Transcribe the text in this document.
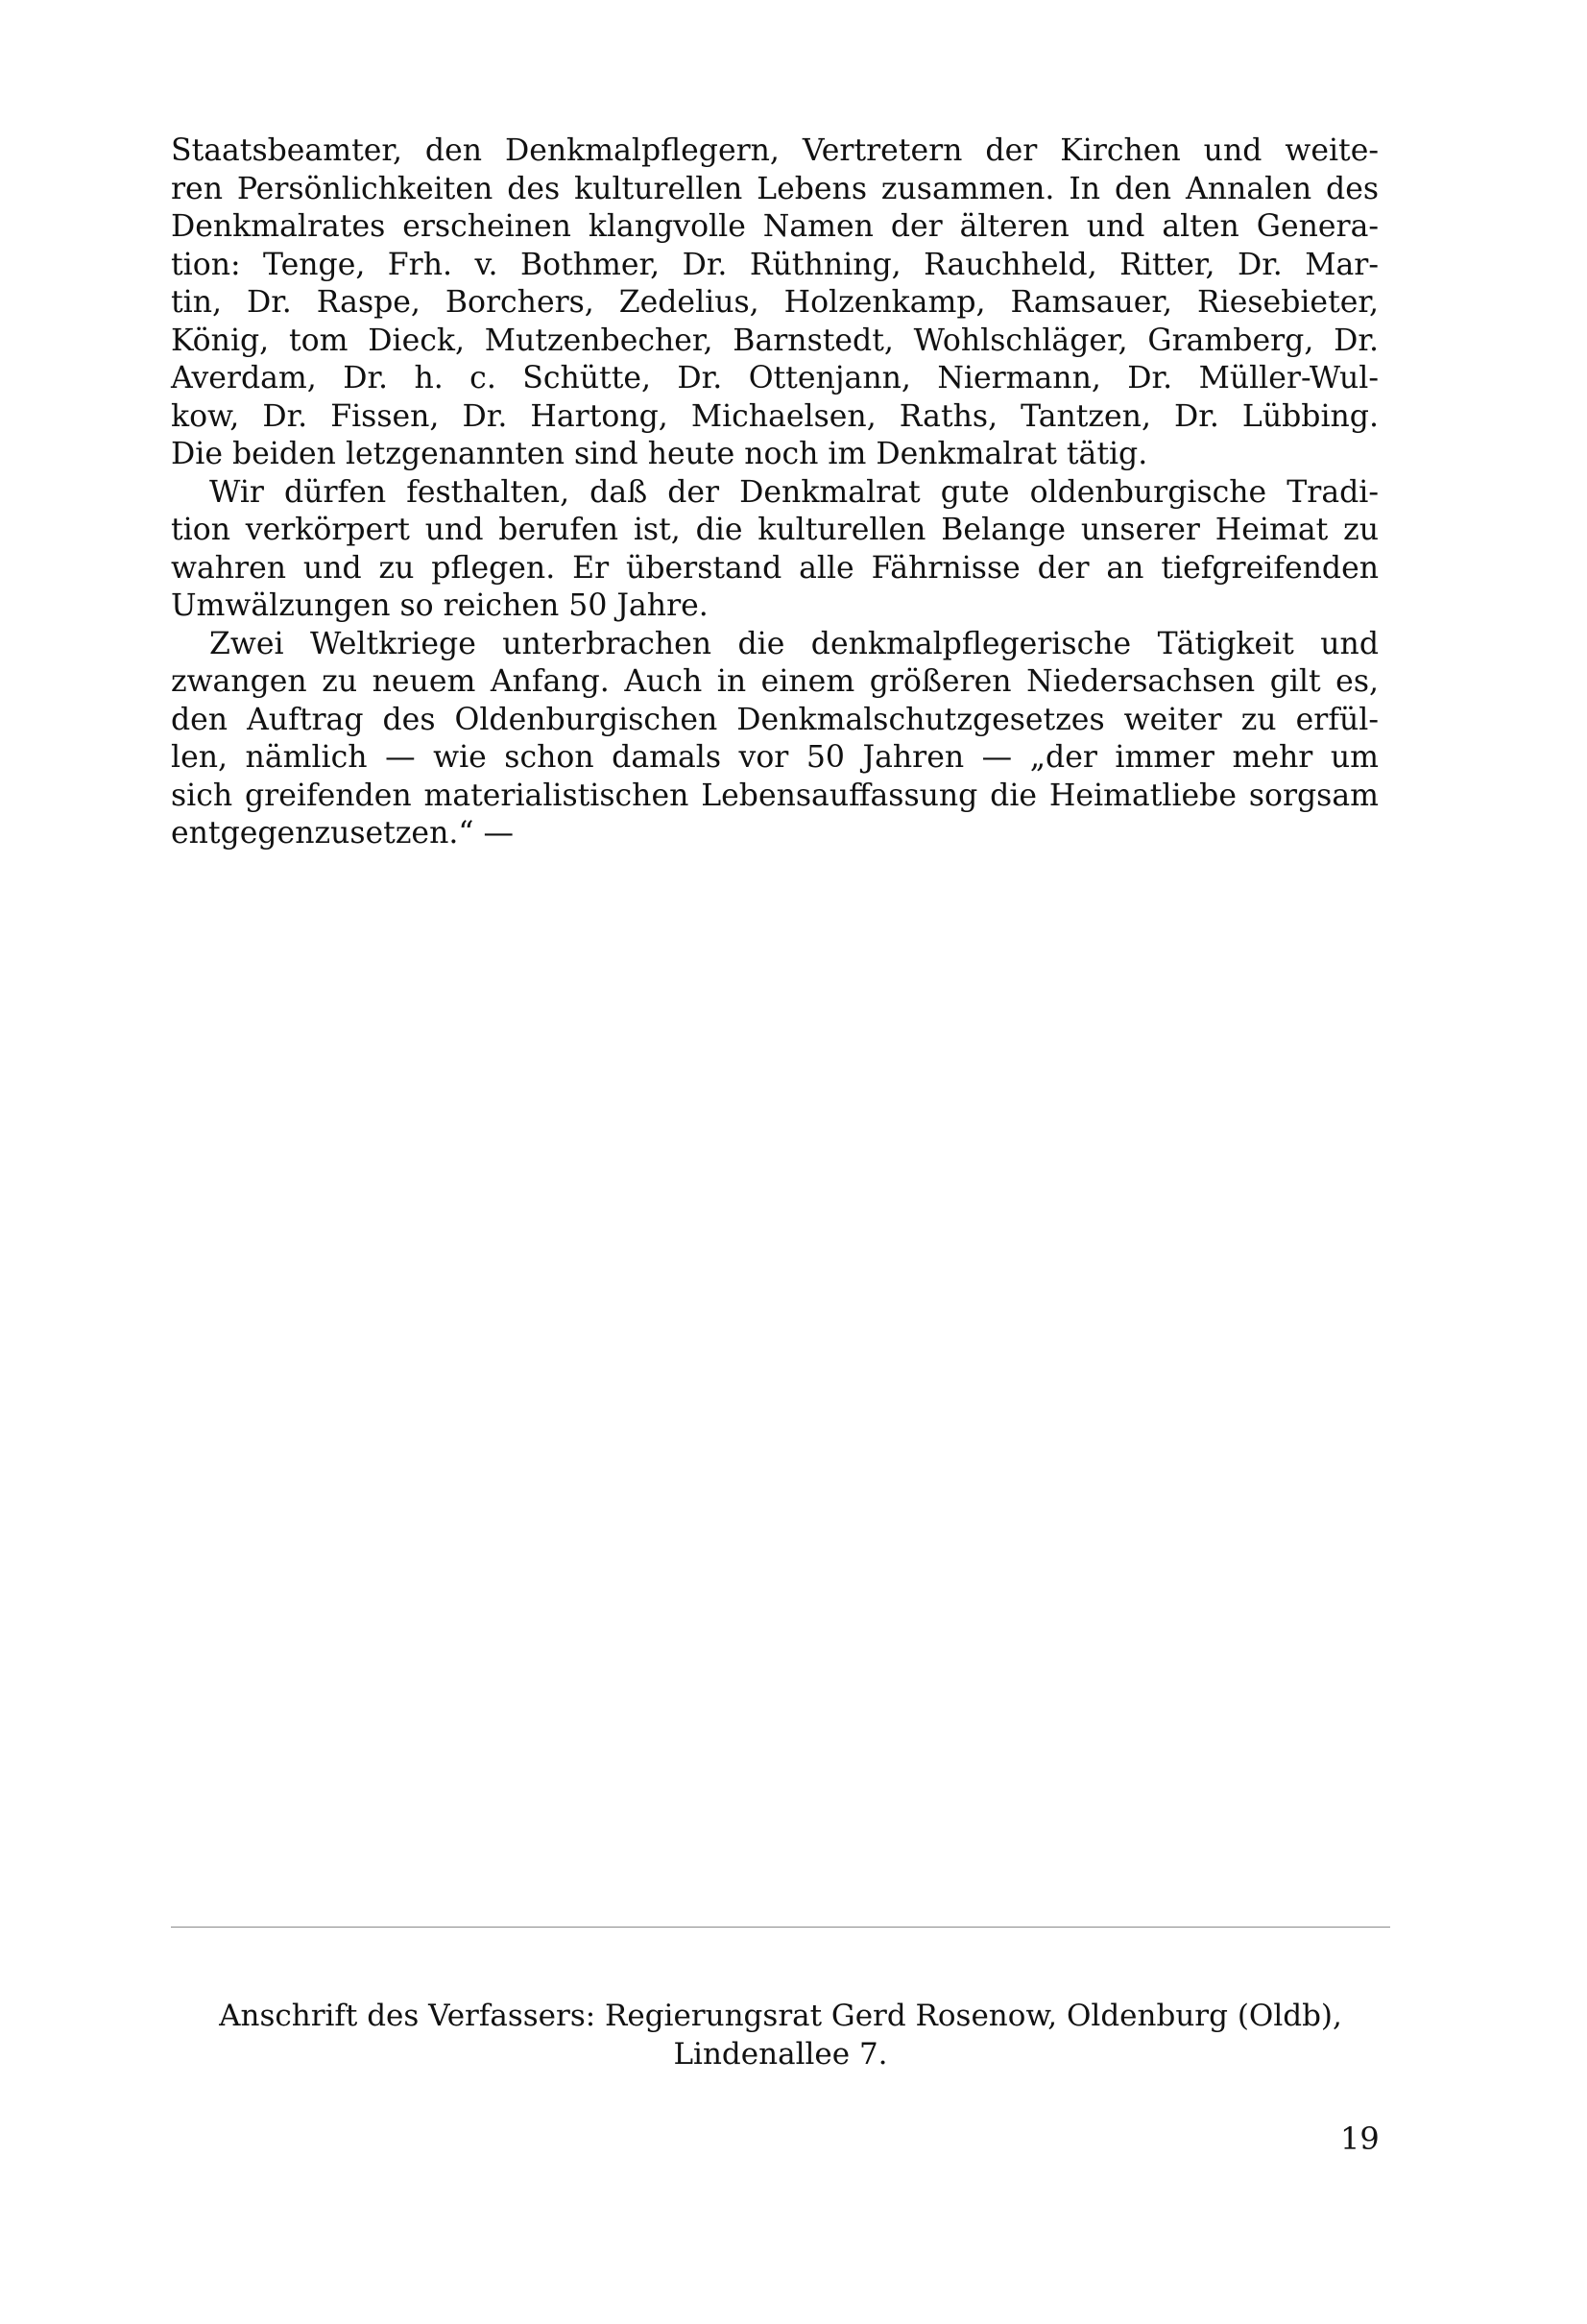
Staatsbeamter, den Denkmalpflegern, Vertretern der Kirchen und weite-
ren Persönlichkeiten des kulturellen Lebens zusammen. In den Annalen des
Denkmalrates erscheinen klangvolle Namen der älteren und alten Genera-
tion: Tenge, Frh. v. Bothmer, Dr. Rüthning, Rauchheld, Ritter, Dr. Mar-
tin, Dr. Raspe, Borchers, Zedelius, Holzenkamp, Ramsauer, Riesebieter,
König, tom Dieck, Mutzenbecher, Barnstedt, Wohlschläger, Gramberg, Dr.
Averdam, Dr. h. c. Schütte, Dr. Ottenjann, Niermann, Dr. Müller-Wul-
kow, Dr. Fissen, Dr. Hartong, Michaelsen, Raths, Tantzen, Dr. Lübbing.
Die beiden letzgenannten sind heute noch im Denkmalrat tätig.
Wir dürfen festhalten, daß der Denkmalrat gute oldenburgische Tradi-
tion verkörpert und berufen ist, die kulturellen Belange unserer Heimat zu
wahren und zu pflegen. Er überstand alle Fährnisse der an tiefgreifenden
Umwälzungen so reichen 50 Jahre.
Zwei Weltkriege unterbrachen die denkmalpflegerische Tätigkeit und
zwangen zu neuem Anfang. Auch in einem größeren Niedersachsen gilt es,
den Auftrag des Oldenburgischen Denkmalschutzgesetzes weiter zu erfül-
len, nämlich — wie schon damals vor 50 Jahren — „der immer mehr um
sich greifenden materialistischen Lebensauffassung die Heimatliebe sorgsam
entgegenzusetzen.“ —
Anschrift des Verfassers: Regierungsrat Gerd Rosenow, Oldenburg (Oldb),
Lindenallee 7.
19
